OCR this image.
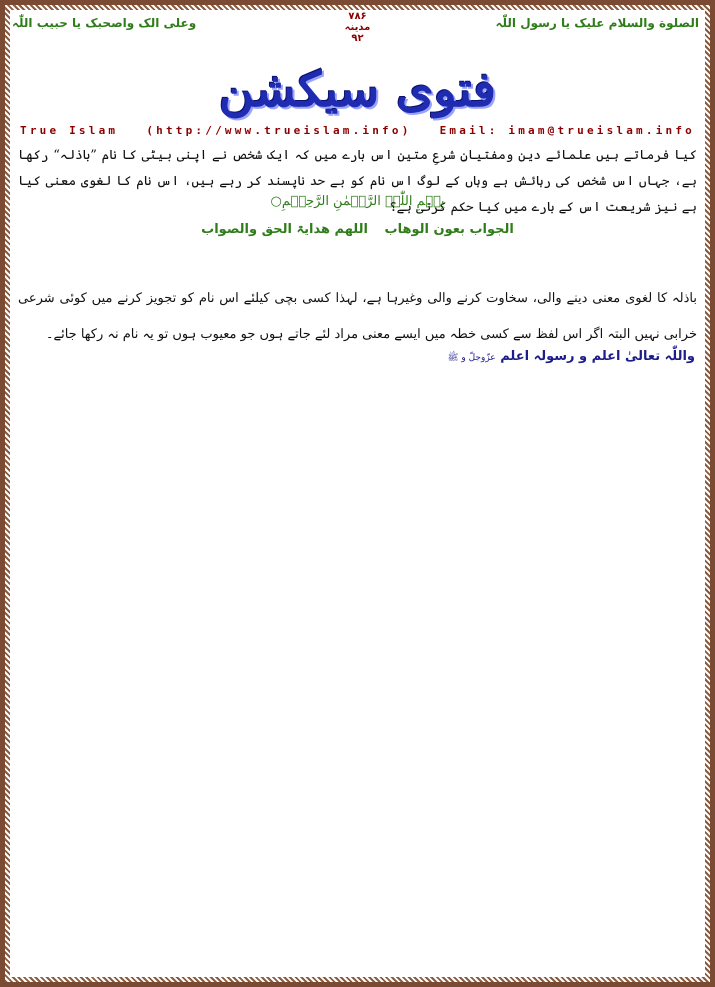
الصلوة والسلام علیک یا رسول اللّٰہ
۷۸۶
مدینہ
۹۲
وعلی الک واصحبک یا حبیب اللّٰہ
فتوی سیکشن
True Islam	(http://www.trueislam.info)	Email: imam@trueislam.info
کیا فرماتے ہیں علمائے دین ومفتیانِ شرعِ متین اس بارے میں کہ ایک شخص نے اپنی بیٹی کا نام ”باذلہ“ رکھا ہے، جہاں اس شخص کی رہائش ہے وہاں کے لوگ اس نام کو بے حد ناپسند کر رہے ہیں، اس نام کا لغوی معنی کیا ہے نیز شریعت اس کے بارے میں کیا حکم کرتی ہے؟
بِسۡمِ اللّٰہِ الرَّحۡمٰنِ الرَّحِیۡمِ○
الجواب بعون الوھاب اللھم ھدایۃ الحق والصواب
باذلہ کا لغوی معنی دینے والی، سخاوت کرنے والی وغیرہا ہے، لہذا کسی بچی کیلئے اس نام کو تجویز کرنے میں کوئی شرعی خرابی نہیں البتہ اگر اس لفظ سے کسی خطہ میں ایسے معنی مراد لئے جاتے ہوں جو معیوب ہوں تو یہ نام نہ رکھا جائے۔
واللّٰہ تعالیٰ اعلم و رسولہ اعلم عزّوجلّ و ﷺ
